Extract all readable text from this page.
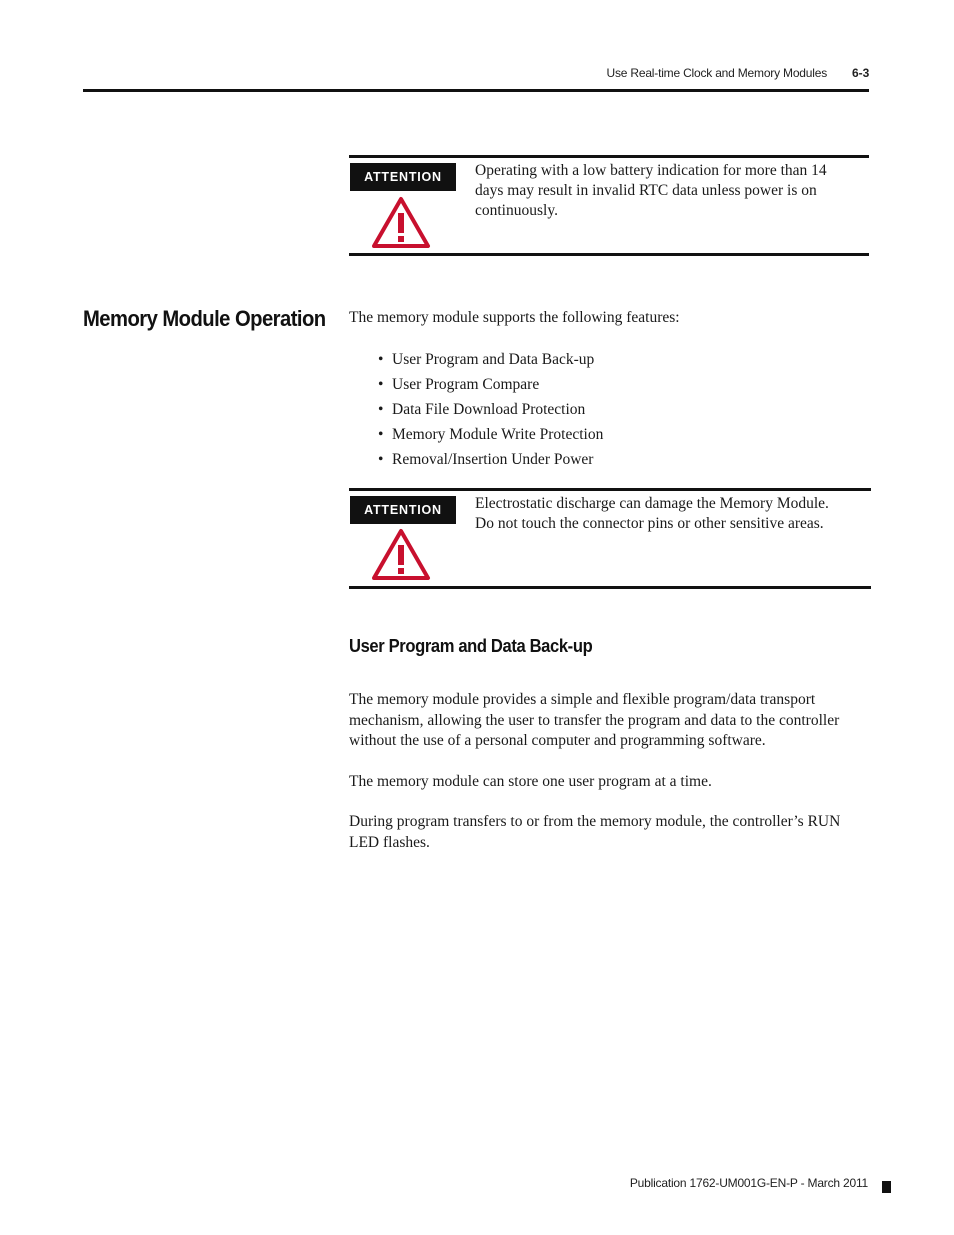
Use Real-time Clock and Memory Modules 6-3
ATTENTION	Operating with a low battery indication for more than 14 days may result in invalid RTC data unless power is on continuously.
Memory Module Operation The memory module supports the following features:
• User Program and Data Back-up
• User Program Compare
• Data File Download Protection
• Memory Module Write Protection
• Removal/Insertion Under Power
ATTENTION	Electrostatic discharge can damage the Memory Module. Do not touch the connector pins or other sensitive areas.
User Program and Data Back-up

The memory module provides a simple and flexible program/data transport mechanism, allowing the user to transfer the program and data to the controller without the use of a personal computer and programming software.

The memory module can store one user program at a time.

During program transfers to or from the memory module, the controller’s RUN LED flashes.

Publication 1762-UM001G-EN-P - March 2011
